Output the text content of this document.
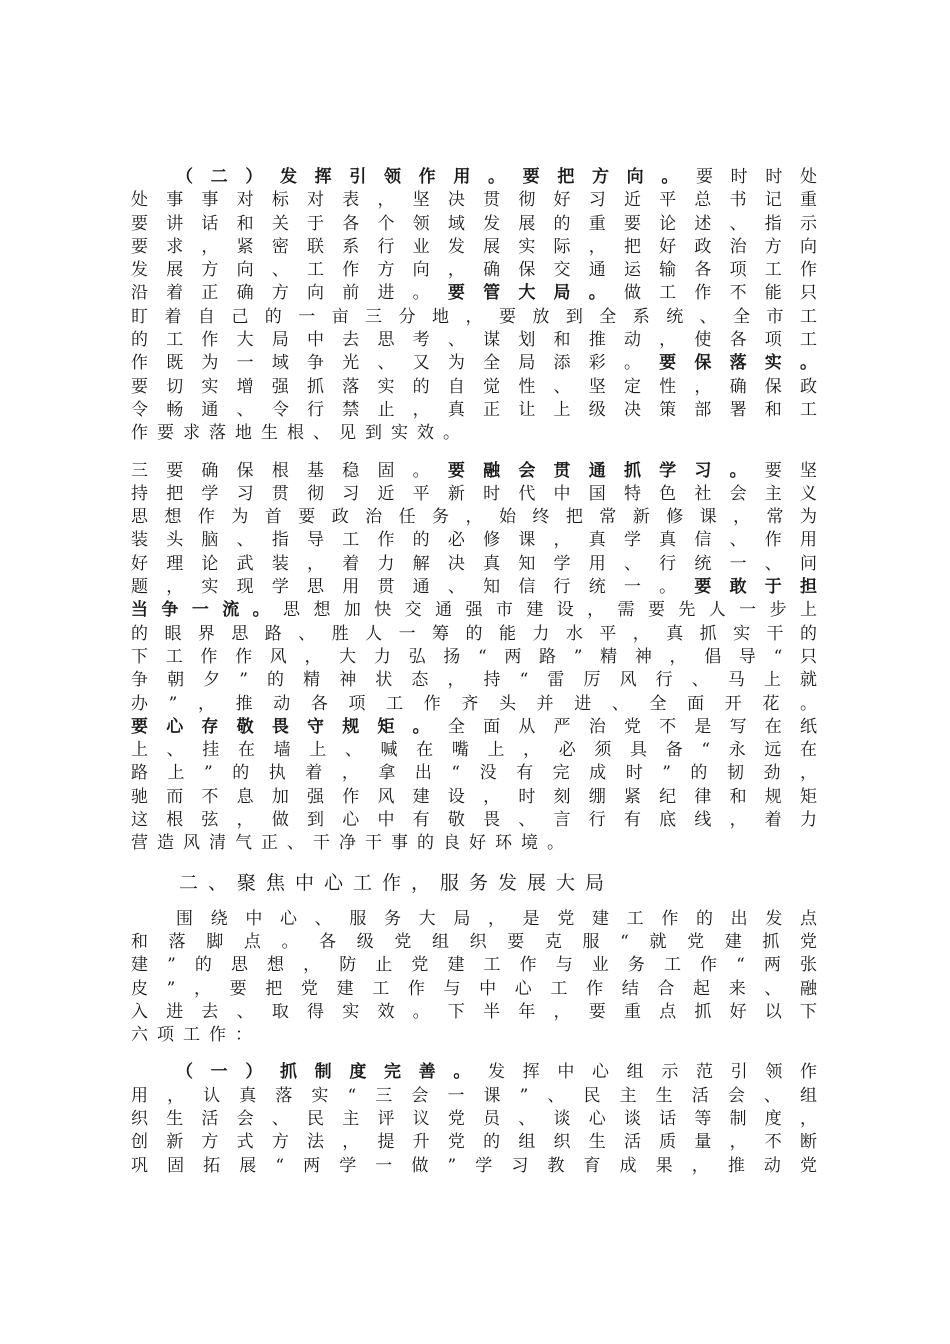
（二）发挥引领作用。要把方向。要时时处
处事事对标对表，坚决贯彻好习近平总书记重
要讲话和关于各个领域发展的重要论述、指示
要求，紧密联系行业发展实际，把好政治方向
发展方向、工作方向，确保交通运输各项工作
沿着正确方向前进。要管大局。做工作不能只
盯着自己的一亩三分地，要放到全系统、全市工
的工作大局中去思考、谋划和推动，使各项工
作既为一域争光、又为全局添彩。要保落实。
要切实增强抓落实的自觉性、坚定性，确保政
令畅通、令行禁止，真正让上级决策部署和工
作要求落地生根、见到实效。
三要确保根基稳固。要融会贯通抓学习。要坚
持把学习贯彻习近平新时代中国特色社会主义
思想作为首要政治任务，始终把常新修课，常为
装头脑、指导工作的必修课，真学真信、作用
好理论武装，着力解决真知学用、行统一、问
题，实现学思用贯通、知信行统一。要敢于担
当争一流。思想加快交通强市建设，需要先人一步上
的眼界思路、胜人一筹的能力水平，真抓实干的
下工作作风，大力弘扬“两路”精神，倡导“只
争朝夕”的精神状态，持“雷厉风行、马上就
办”，推动各项工作齐头并进、全面开花。
要心存敬畏守规矩。全面从严治党不是写在纸
上、挂在墙上、喊在嘴上，必须具备“永远在
路上”的执着，拿出“没有完成时”的韧劲，
驰而不息加强作风建设，时刻绷紧纪律和规矩
这根弦，做到心中有敬畏、言行有底线，着力
营造风清气正、干净干事的良好环境。
二、聚焦中心工作，服务发展大局
围绕中心、服务大局，是党建工作的出发点
和落脚点。各级党组织要克服“就党建抓党
建”的思想，防止党建工作与业务工作“两张
皮”，要把党建工作与中心工作结合起来、融
入进去、取得实效。下半年，要重点抓好以下
六项工作：
（一）抓制度完善。发挥中心组示范引领作
用，认真落实“三会一课”、民主生活会、组
织生活会、民主评议党员、谈心谈话等制度，
创新方式方法，提升党的组织生活质量，不断
巩固拓展“两学一做”学习教育成果，推动党
